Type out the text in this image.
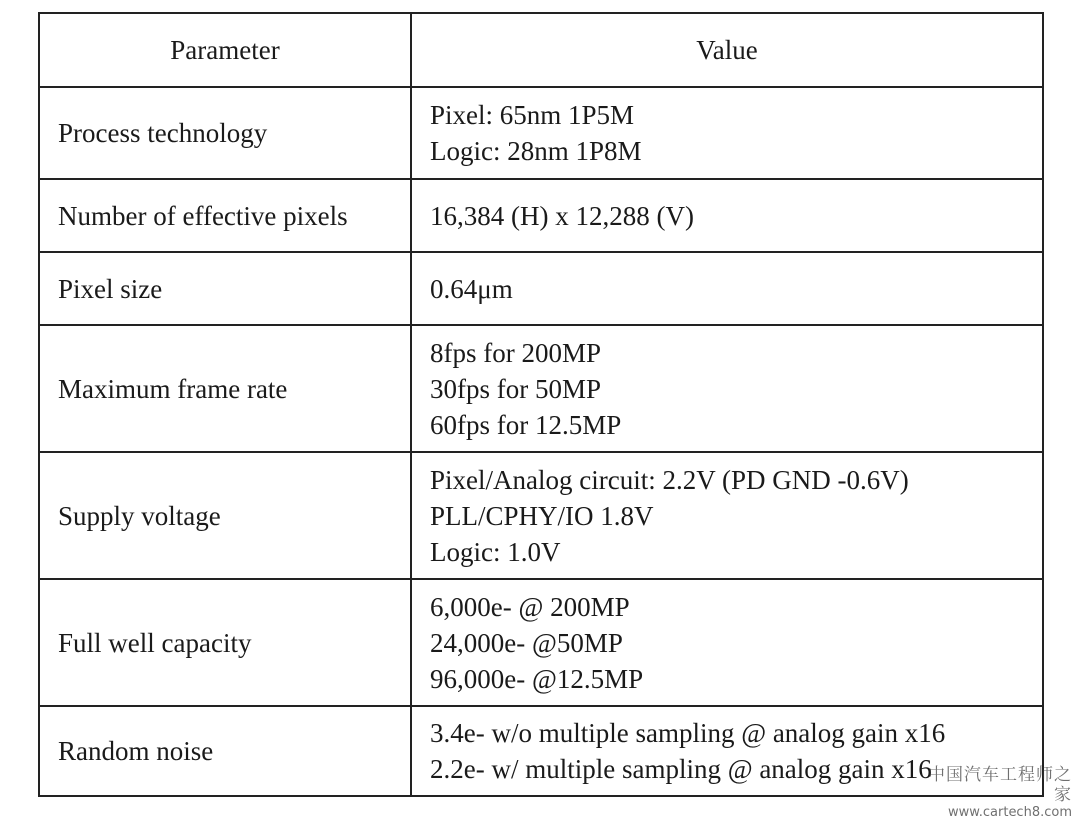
Parameter	Value
Process technology	Pixel: 65nm 1P5M
Logic: 28nm 1P8M

Number of effective pixels	16,384 (H) x 12,288 (V)

Pixel size	0.64μm

Maximum frame rate	8fps for 200MP
30fps for 50MP
60fps for 12.5MP

Supply voltage	Pixel/Analog circuit: 2.2V (PD GND -0.6V)
PLL/CPHY/IO 1.8V
Logic: 1.0V

Full well capacity	6,000e- @ 200MP
24,000e- @50MP
96,000e- @12.5MP

Random noise	3.4e- w/o multiple sampling @ analog gain x16
2.2e- w/ multiple sampling @ analog gain x16
中国汽车工程师之家
www.cartech8.com
